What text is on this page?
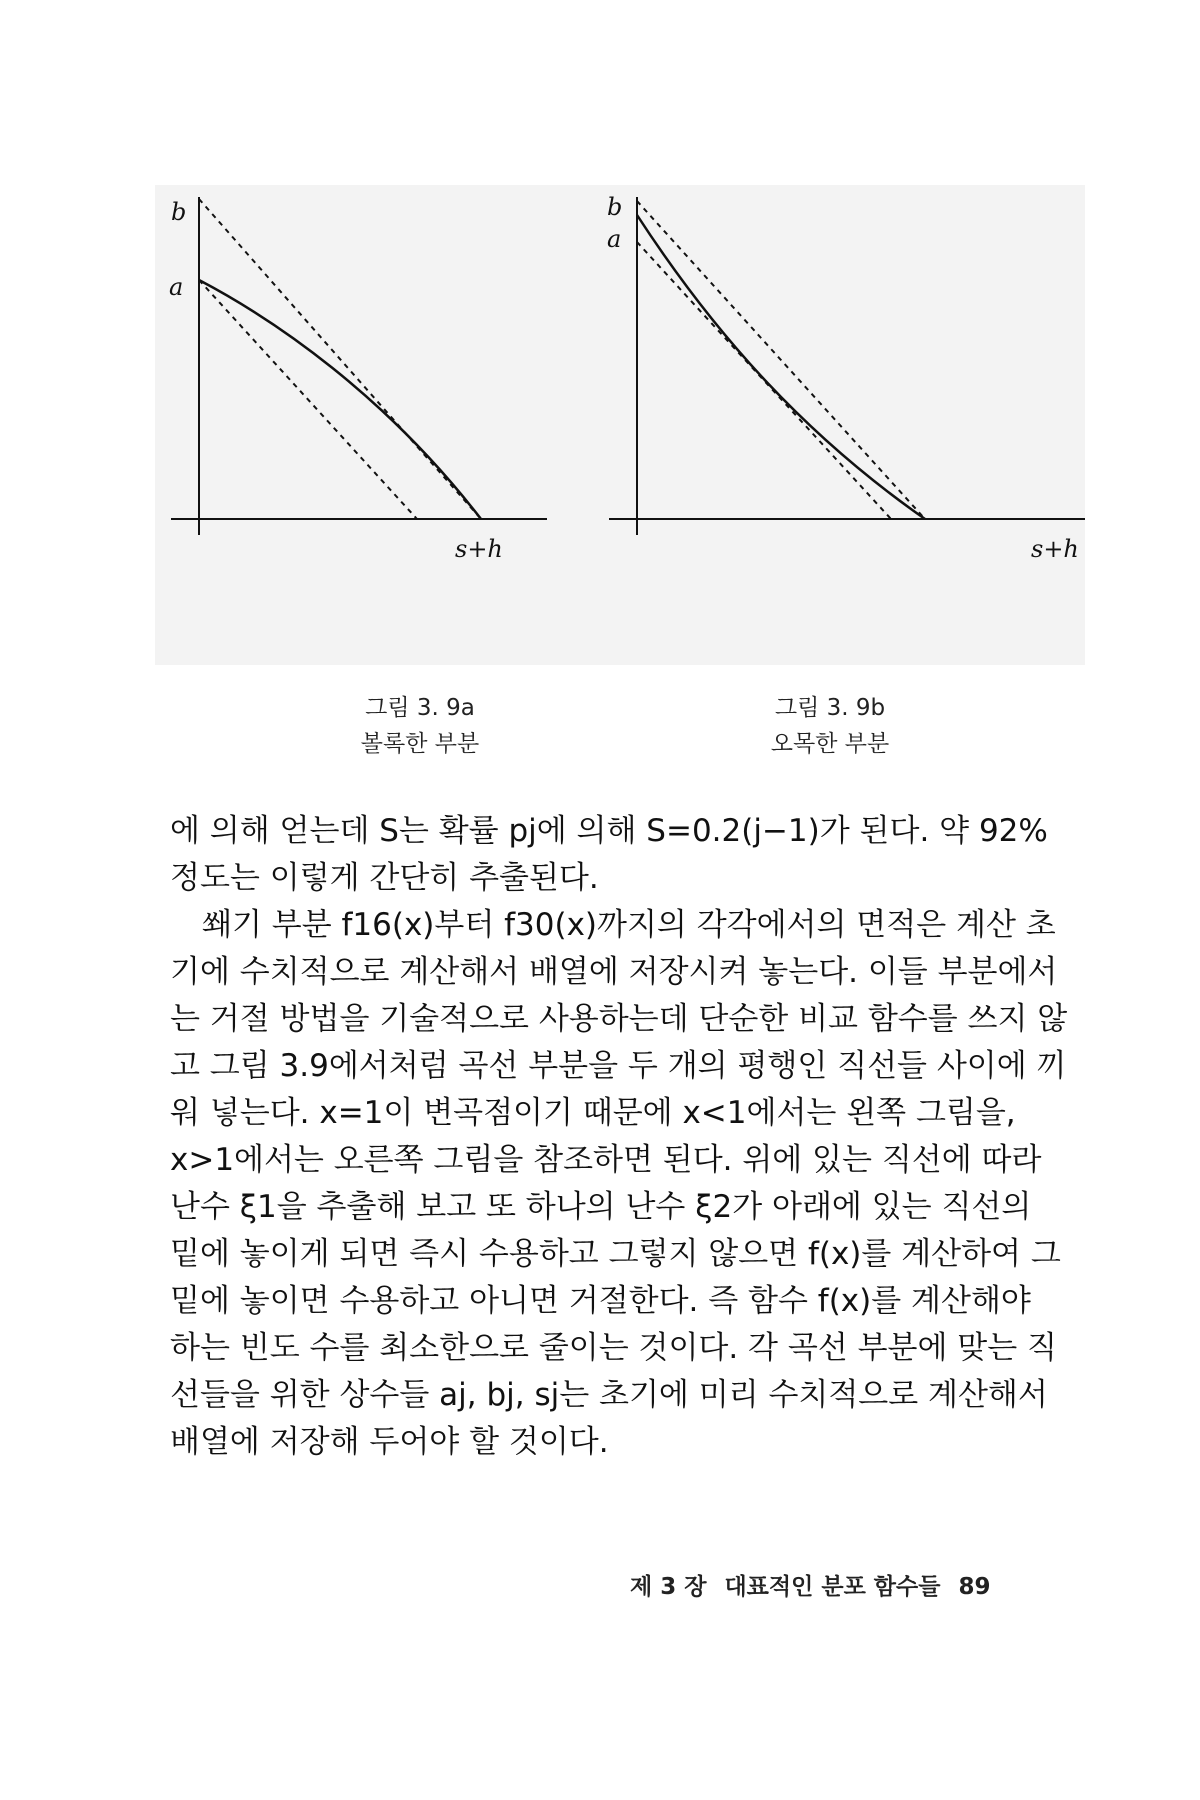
b
a
s+h
b
a
s+h
그림 3. 9a
볼록한 부분
그림 3. 9b
오목한 부분

에 의해 얻는데 S는 확률 pj에 의해 S=0.2(j−1)가 된다. 약 92% 정도는 이렇게 간단히 추출된다.

쐐기 부분 f16(x)부터 f30(x)까지의 각각에서의 면적은 계산 초기에 수치적으로 계산해서 배열에 저장시켜 놓는다. 이들 부분에서는 거절 방법을 기술적으로 사용하는데 단순한 비교 함수를 쓰지 않고 그림 3.9에서처럼 곡선 부분을 두 개의 평행인 직선들 사이에 끼워 넣는다. x=1이 변곡점이기 때문에 x<1에서는 왼쪽 그림을, x>1에서는 오른쪽 그림을 참조하면 된다. 위에 있는 직선에 따라 난수 ξ1을 추출해 보고 또 하나의 난수 ξ2가 아래에 있는 직선의 밑에 놓이게 되면 즉시 수용하고 그렇지 않으면 f(x)를 계산하여 그 밑에 놓이면 수용하고 아니면 거절한다. 즉 함수 f(x)를 계산해야 하는 빈도 수를 최소한으로 줄이는 것이다. 각 곡선 부분에 맞는 직선들을 위한 상수들 aj, bj, sj는 초기에 미리 수치적으로 계산해서 배열에 저장해 두어야 할 것이다.

제 3 장 대표적인 분포 함수들 89
